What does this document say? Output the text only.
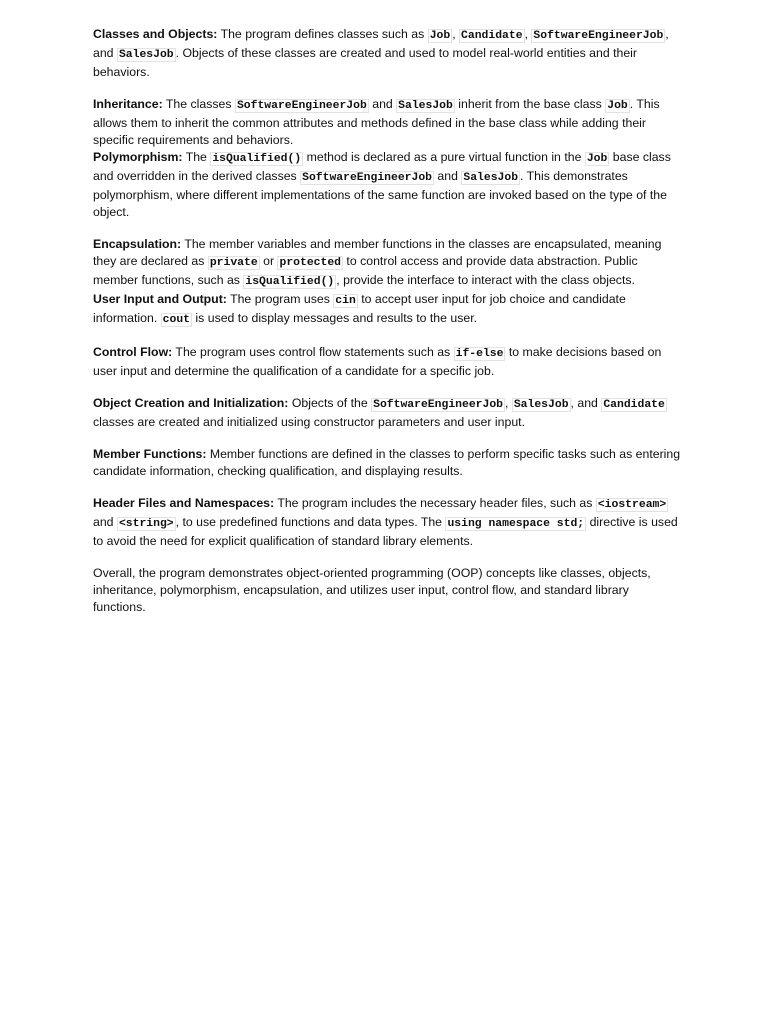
Classes and Objects: The program defines classes such as Job , Candidate , SoftwareEngineerJob , and SalesJob . Objects of these classes are created and used to model real-world entities and their behaviors.

Inheritance: The classes SoftwareEngineerJob and SalesJob inherit from the base class Job . This allows them to inherit the common attributes and methods defined in the base class while adding their specific requirements and behaviors.

Polymorphism: The isQualified() method is declared as a pure virtual function in the Job base class and overridden in the derived classes SoftwareEngineerJob and SalesJob . This demonstrates polymorphism, where different implementations of the same function are invoked based on the type of the object.

Encapsulation: The member variables and member functions in the classes are encapsulated, meaning they are declared as private or protected to control access and provide data abstraction. Public member functions, such as isQualified() , provide the interface to interact with the class objects.

User Input and Output: The program uses cin to accept user input for job choice and candidate information. cout is used to display messages and results to the user.

Control Flow: The program uses control flow statements such as if-else to make decisions based on user input and determine the qualification of a candidate for a specific job.

Object Creation and Initialization: Objects of the SoftwareEngineerJob , SalesJob , and Candidate classes are created and initialized using constructor parameters and user input.

Member Functions: Member functions are defined in the classes to perform specific tasks such as entering candidate information, checking qualification, and displaying results.

Header Files and Namespaces: The program includes the necessary header files, such as <iostream> and <string> , to use predefined functions and data types. The using namespace std; directive is used to avoid the need for explicit qualification of standard library elements.

Overall, the program demonstrates object-oriented programming (OOP) concepts like classes, objects, inheritance, polymorphism, encapsulation, and utilizes user input, control flow, and standard library functions.
